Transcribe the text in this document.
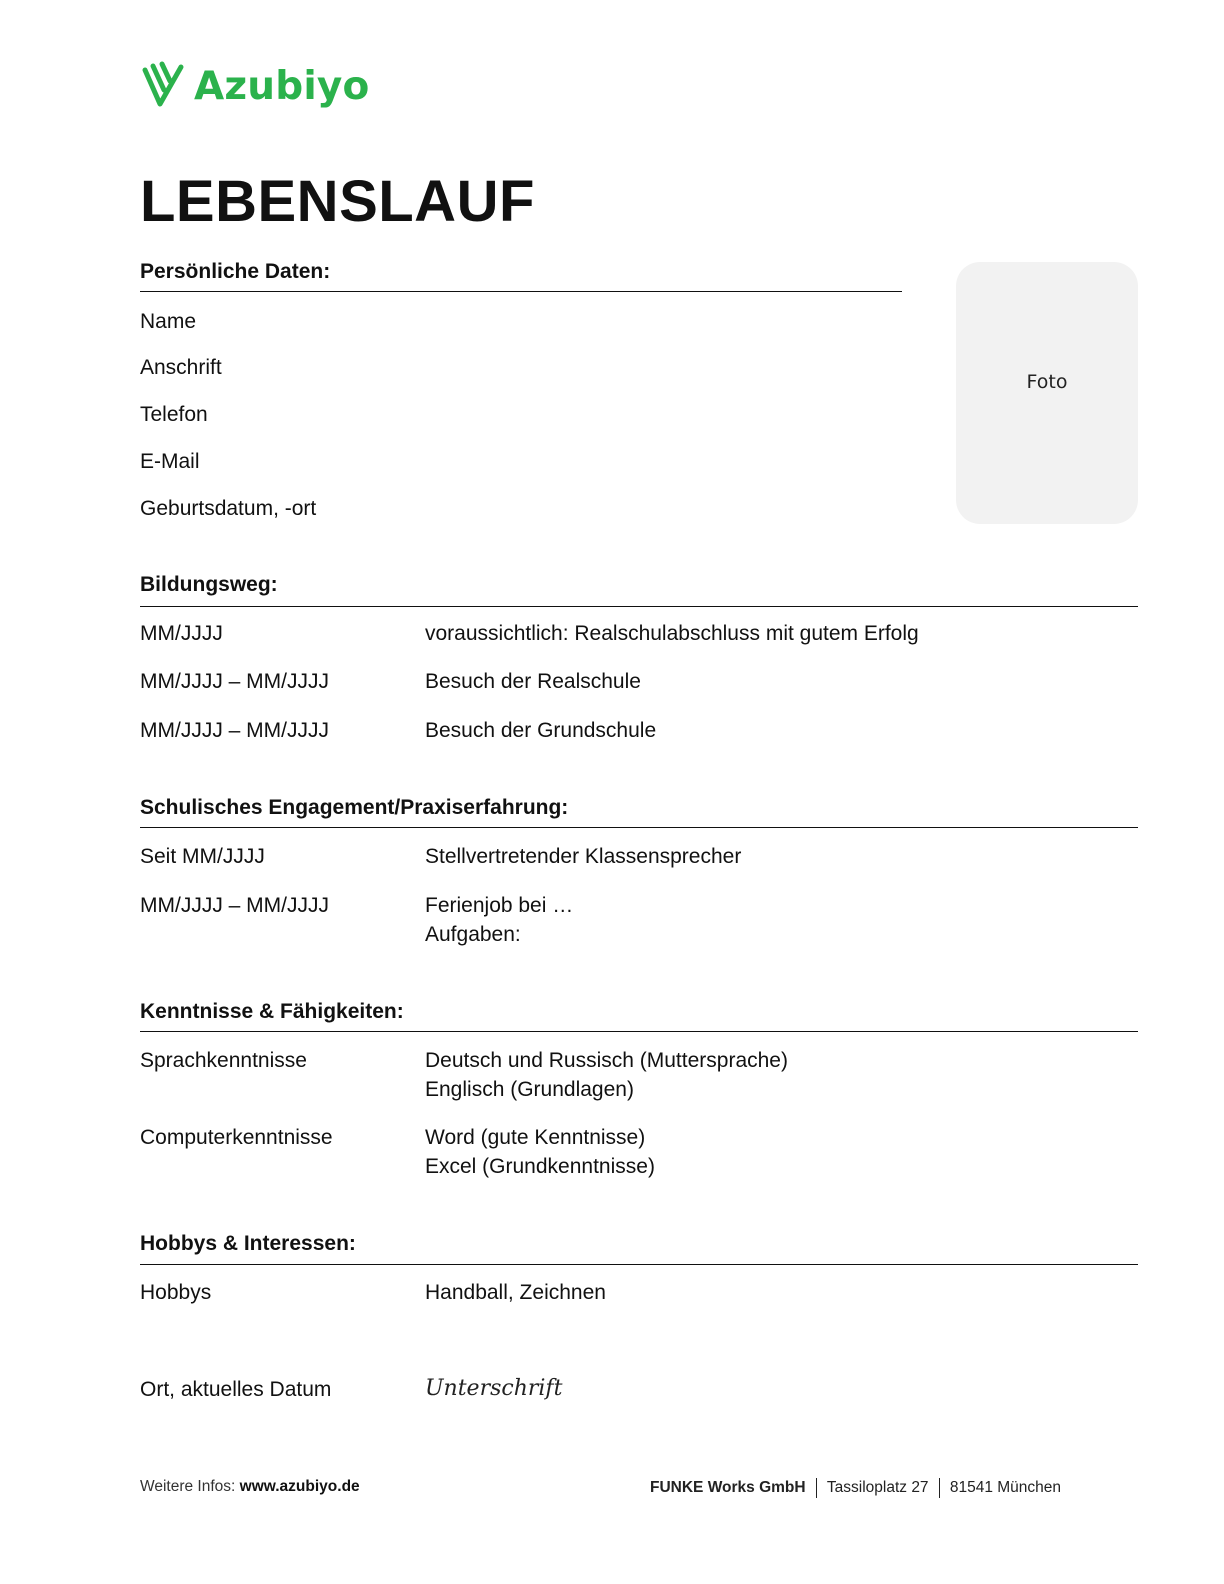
Azubiyo
LEBENSLAUF
Persönliche Daten:
Name
Anschrift
Telefon
E-Mail
Geburtsdatum, -ort
Foto
Bildungsweg:
MM/JJJJ	voraussichtlich: Realschulabschluss mit gutem Erfolg
MM/JJJJ – MM/JJJJ	Besuch der Realschule
MM/JJJJ – MM/JJJJ	Besuch der Grundschule
Schulisches Engagement/Praxiserfahrung:
Seit MM/JJJJ	Stellvertretender Klassensprecher
MM/JJJJ – MM/JJJJ	Ferienjob bei …
Aufgaben:
Kenntnisse & Fähigkeiten:
Sprachkenntnisse	Deutsch und Russisch (Muttersprache)
Englisch (Grundlagen)
Computerkenntnisse	Word (gute Kenntnisse)
Excel (Grundkenntnisse)
Hobbys & Interessen:
Hobbys	Handball, Zeichnen
Ort, aktuelles Datum	Unterschrift
Weitere Infos: www.azubiyo.de	FUNKE Works GmbH Tassiloplatz 27 81541 München
